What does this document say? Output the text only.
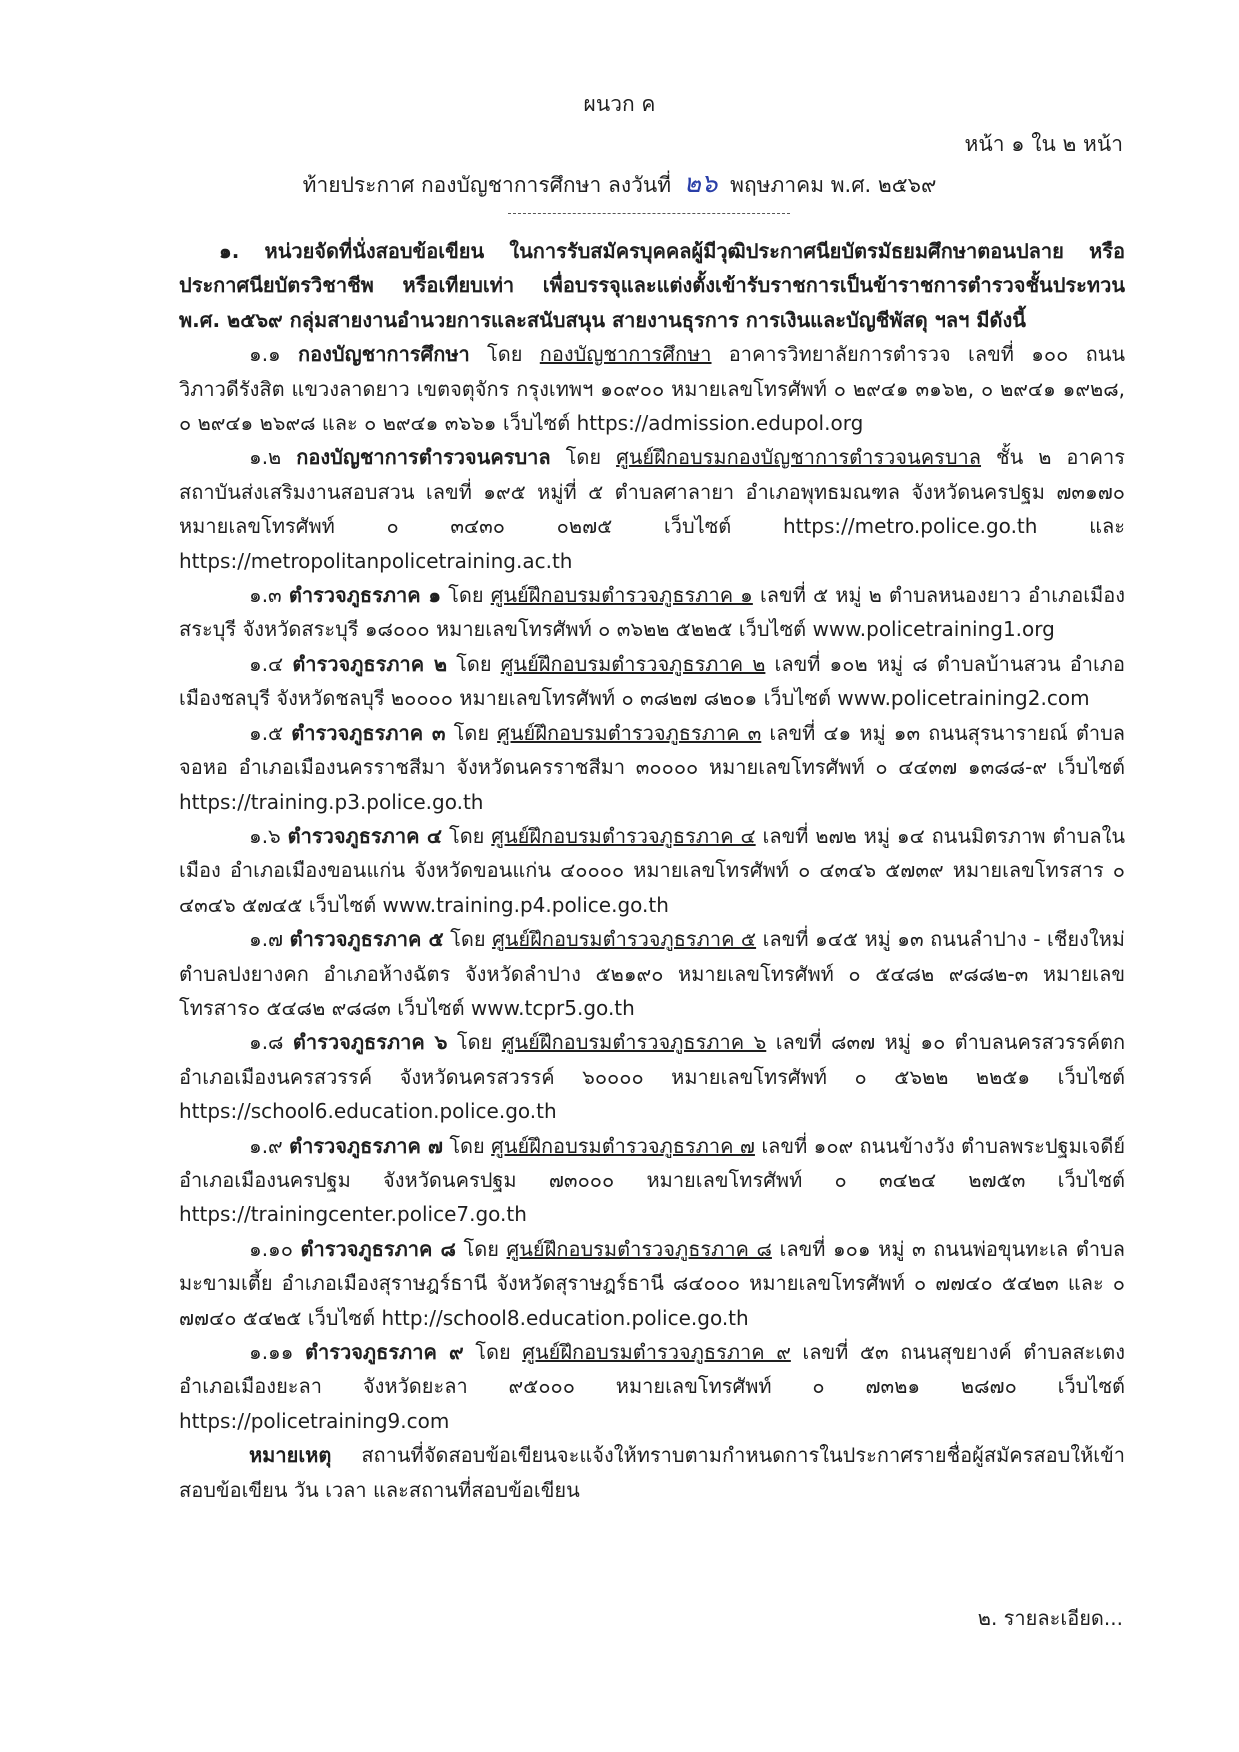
ผนวก ค
หน้า ๑ ใน ๒ หน้า
ท้ายประกาศ กองบัญชาการศึกษา ลงวันที่ ๒๖ พฤษภาคม พ.ศ. ๒๕๖๙

๑. หน่วยจัดที่นั่งสอบข้อเขียน ในการรับสมัครบุคคลผู้มีวุฒิประกาศนียบัตรมัธยมศึกษาตอนปลาย หรือประกาศนียบัตรวิชาชีพ หรือเทียบเท่า เพื่อบรรจุและแต่งตั้งเข้ารับราชการเป็นข้าราชการตำรวจชั้นประทวน พ.ศ. ๒๕๖๙ กลุ่มสายงานอำนวยการและสนับสนุน สายงานธุรการ การเงินและบัญชีพัสดุ ฯลฯ มีดังนี้

๑.๑ กองบัญชาการศึกษา โดย กองบัญชาการศึกษา อาคารวิทยาลัยการตำรวจ เลขที่ ๑๐๐ ถนนวิภาวดีรังสิต แขวงลาดยาว เขตจตุจักร กรุงเทพฯ ๑๐๙๐๐ หมายเลขโทรศัพท์ ๐ ๒๙๔๑ ๓๑๖๒, ๐ ๒๙๔๑ ๑๙๒๘, ๐ ๒๙๔๑ ๒๖๙๘ และ ๐ ๒๙๔๑ ๓๖๖๑ เว็บไซต์ https://admission.edupol.org

๑.๒ กองบัญชาการตำรวจนครบาล โดย ศูนย์ฝึกอบรมกองบัญชาการตำรวจนครบาล ชั้น ๒ อาคารสถาบันส่งเสริมงานสอบสวน เลขที่ ๑๙๕ หมู่ที่ ๕ ตำบลศาลายา อำเภอพุทธมณฑล จังหวัดนครปฐม ๗๓๑๗๐ หมายเลขโทรศัพท์ ๐ ๓๔๓๐ ๐๒๗๕ เว็บไซต์ https://metro.police.go.th และ https://metropolitanpolicetraining.ac.th

๑.๓ ตำรวจภูธรภาค ๑ โดย ศูนย์ฝึกอบรมตำรวจภูธรภาค ๑ เลขที่ ๕ หมู่ ๒ ตำบลหนองยาว อำเภอเมืองสระบุรี จังหวัดสระบุรี ๑๘๐๐๐ หมายเลขโทรศัพท์ ๐ ๓๖๒๒ ๕๒๒๕ เว็บไซต์ www.policetraining1.org

๑.๔ ตำรวจภูธรภาค ๒ โดย ศูนย์ฝึกอบรมตำรวจภูธรภาค ๒ เลขที่ ๑๐๒ หมู่ ๘ ตำบลบ้านสวน อำเภอเมืองชลบุรี จังหวัดชลบุรี ๒๐๐๐๐ หมายเลขโทรศัพท์ ๐ ๓๘๒๗ ๘๒๐๑ เว็บไซต์ www.policetraining2.com

๑.๕ ตำรวจภูธรภาค ๓ โดย ศูนย์ฝึกอบรมตำรวจภูธรภาค ๓ เลขที่ ๔๑ หมู่ ๑๓ ถนนสุรนารายณ์ ตำบลจอหอ อำเภอเมืองนครราชสีมา จังหวัดนครราชสีมา ๓๐๐๐๐ หมายเลขโทรศัพท์ ๐ ๔๔๓๗ ๑๓๘๘-๙ เว็บไซต์ https://training.p3.police.go.th

๑.๖ ตำรวจภูธรภาค ๔ โดย ศูนย์ฝึกอบรมตำรวจภูธรภาค ๔ เลขที่ ๒๗๒ หมู่ ๑๔ ถนนมิตรภาพ ตำบลในเมือง อำเภอเมืองขอนแก่น จังหวัดขอนแก่น ๔๐๐๐๐ หมายเลขโทรศัพท์ ๐ ๔๓๔๖ ๕๗๓๙ หมายเลขโทรสาร ๐ ๔๓๔๖ ๕๗๔๕ เว็บไซต์ www.training.p4.police.go.th

๑.๗ ตำรวจภูธรภาค ๕ โดย ศูนย์ฝึกอบรมตำรวจภูธรภาค ๕ เลขที่ ๑๔๕ หมู่ ๑๓ ถนนลำปาง - เชียงใหม่ ตำบลปงยางคก อำเภอห้างฉัตร จังหวัดลำปาง ๕๒๑๙๐ หมายเลขโทรศัพท์ ๐ ๕๔๘๒ ๙๘๘๒-๓ หมายเลขโทรสาร๐ ๕๔๘๒ ๙๘๘๓ เว็บไซต์ www.tcpr5.go.th

๑.๘ ตำรวจภูธรภาค ๖ โดย ศูนย์ฝึกอบรมตำรวจภูธรภาค ๖ เลขที่ ๘๓๗ หมู่ ๑๐ ตำบลนครสวรรค์ตก อำเภอเมืองนครสวรรค์ จังหวัดนครสวรรค์ ๖๐๐๐๐ หมายเลขโทรศัพท์ ๐ ๕๖๒๒ ๒๒๕๑ เว็บไซต์ https://school6.education.police.go.th

๑.๙ ตำรวจภูธรภาค ๗ โดย ศูนย์ฝึกอบรมตำรวจภูธรภาค ๗ เลขที่ ๑๐๙ ถนนข้างวัง ตำบลพระปฐมเจดีย์ อำเภอเมืองนครปฐม จังหวัดนครปฐม ๗๓๐๐๐ หมายเลขโทรศัพท์ ๐ ๓๔๒๔ ๒๗๕๓ เว็บไซต์ https://trainingcenter.police7.go.th

๑.๑๐ ตำรวจภูธรภาค ๘ โดย ศูนย์ฝึกอบรมตำรวจภูธรภาค ๘ เลขที่ ๑๐๑ หมู่ ๓ ถนนพ่อขุนทะเล ตำบลมะขามเตี้ย อำเภอเมืองสุราษฎร์ธานี จังหวัดสุราษฎร์ธานี ๘๔๐๐๐ หมายเลขโทรศัพท์ ๐ ๗๗๔๐ ๕๔๒๓ และ ๐ ๗๗๔๐ ๕๔๒๕ เว็บไซต์ http://school8.education.police.go.th

๑.๑๑ ตำรวจภูธรภาค ๙ โดย ศูนย์ฝึกอบรมตำรวจภูธรภาค ๙ เลขที่ ๕๓ ถนนสุขยางค์ ตำบลสะเตง อำเภอเมืองยะลา จังหวัดยะลา ๙๕๐๐๐ หมายเลขโทรศัพท์ ๐ ๗๓๒๑ ๒๘๗๐ เว็บไซต์ https://policetraining9.com

หมายเหตุ สถานที่จัดสอบข้อเขียนจะแจ้งให้ทราบตามกำหนดการในประกาศรายชื่อผู้สมัครสอบให้เข้าสอบข้อเขียน วัน เวลา และสถานที่สอบข้อเขียน

๒. รายละเอียด...
